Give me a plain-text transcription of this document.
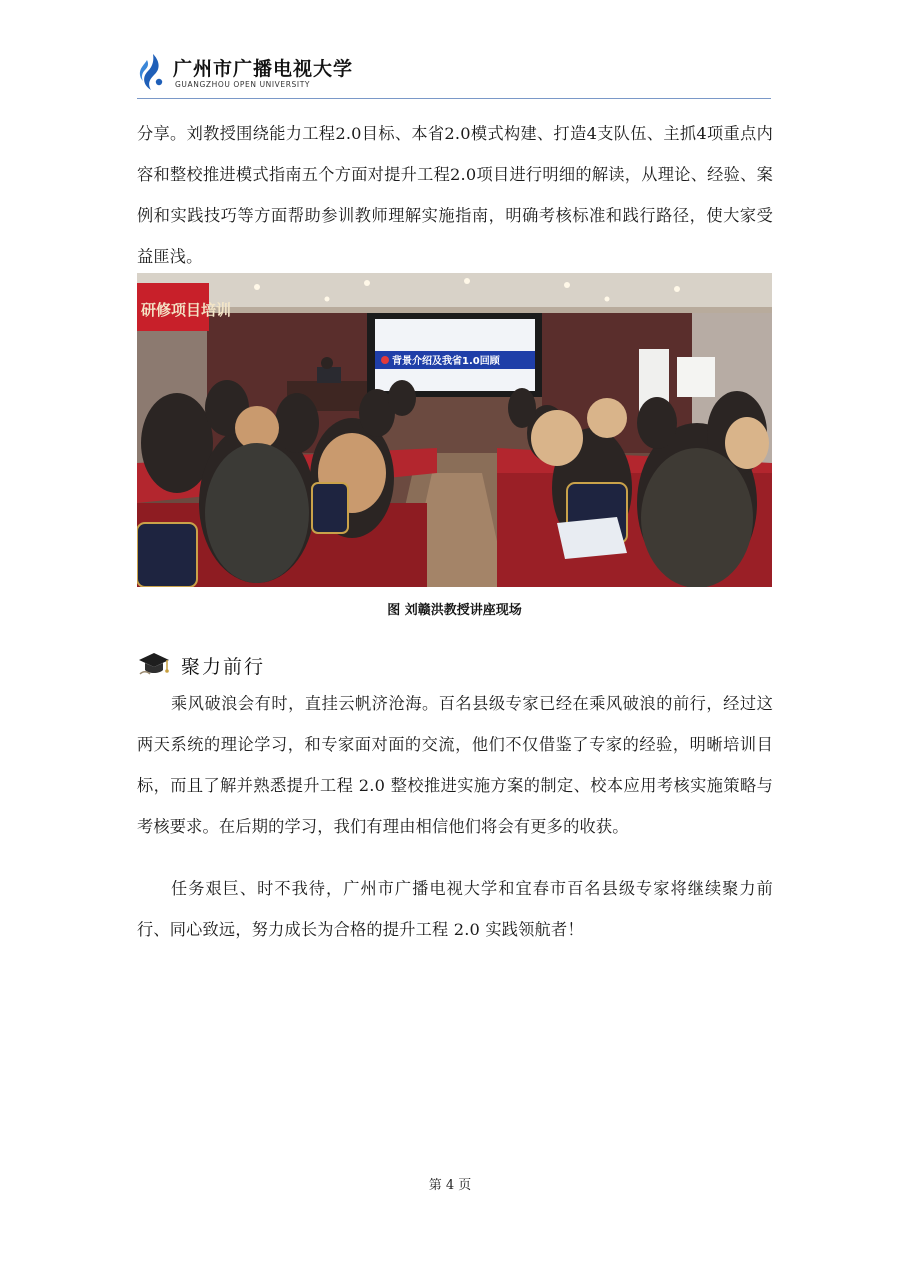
广州市广播电视大学
GUANGZHOU OPEN UNIVERSITY

分享。刘教授围绕能力工程2.0目标、本省2.0模式构建、打造4支队伍、主抓4项重点内容和整校推进模式指南五个方面对提升工程2.0项目进行明细的解读，从理论、经验、案例和实践技巧等方面帮助参训教师理解实施指南，明确考核标准和践行路径，使大家受益匪浅。

研修项目培训
背景介绍及我省1.0回顾
图 刘赣洪教授讲座现场
聚力前行

乘风破浪会有时，直挂云帆济沧海。百名县级专家已经在乘风破浪的前行，经过这两天系统的理论学习，和专家面对面的交流，他们不仅借鉴了专家的经验，明晰培训目标，而且了解并熟悉提升工程 2.0 整校推进实施方案的制定、校本应用考核实施策略与考核要求。在后期的学习，我们有理由相信他们将会有更多的收获。

任务艰巨、时不我待，广州市广播电视大学和宜春市百名县级专家将继续聚力前行、同心致远，努力成长为合格的提升工程 2.0 实践领航者！

第 4 页
